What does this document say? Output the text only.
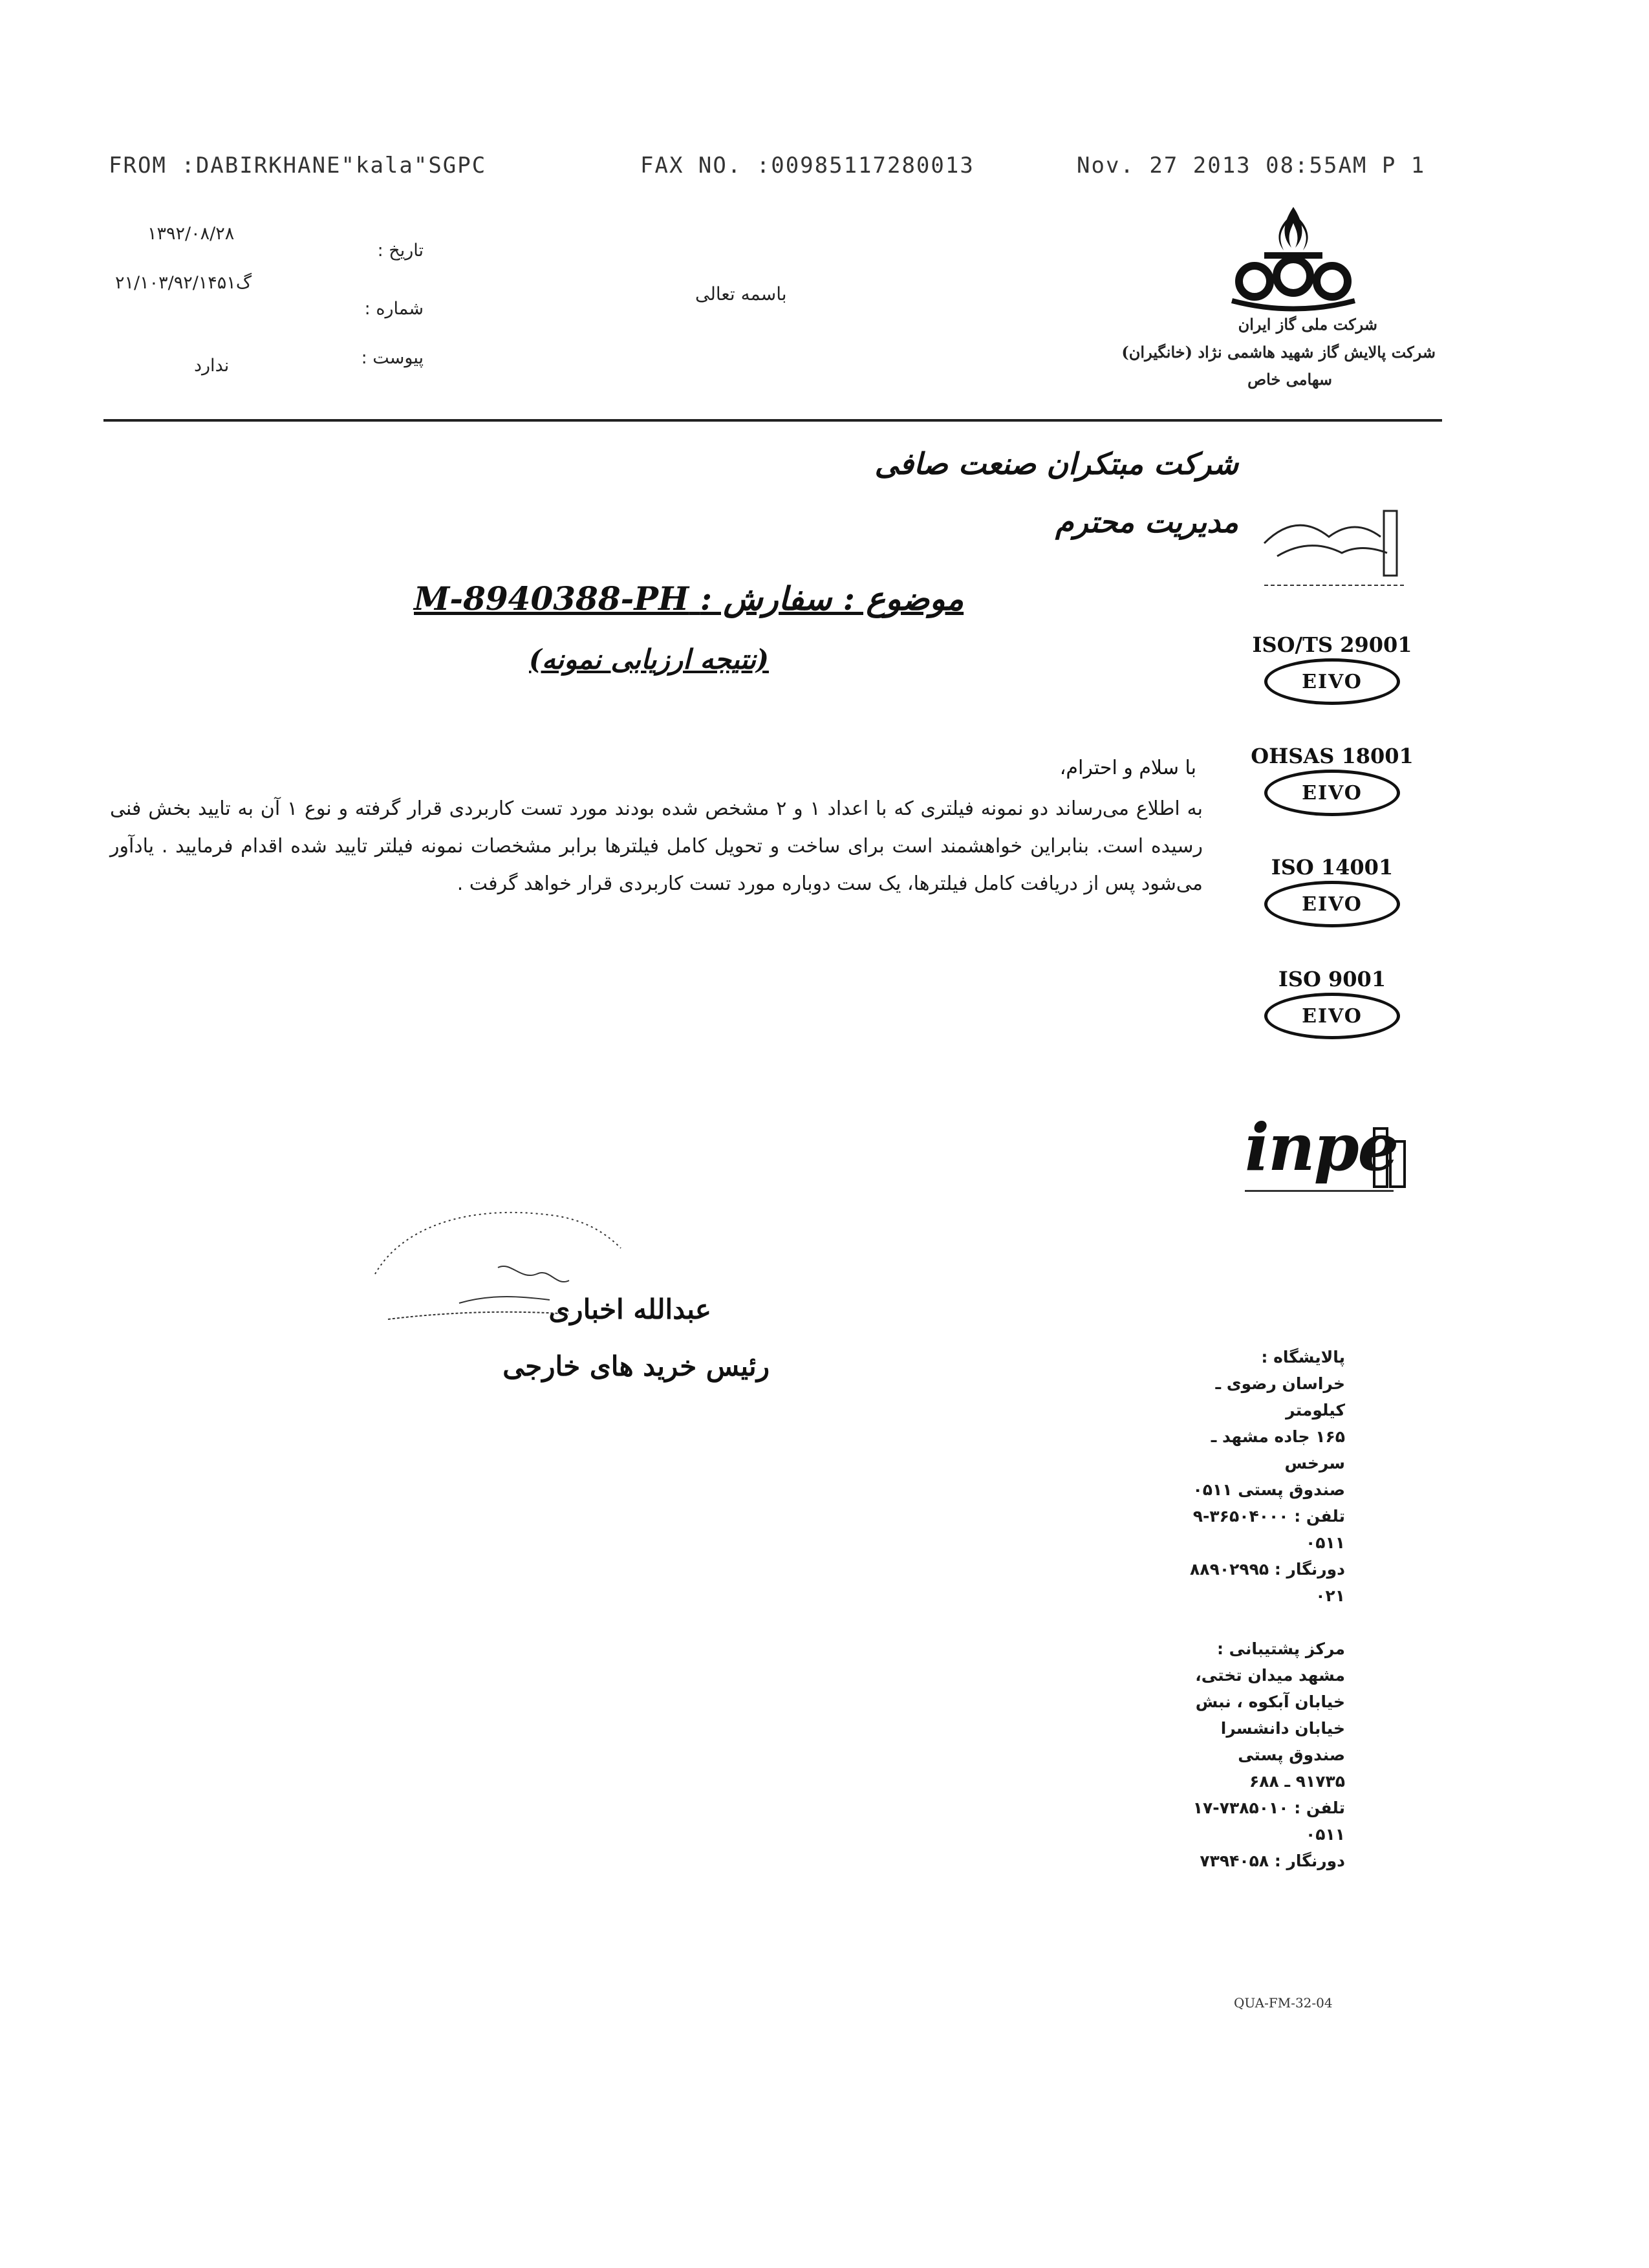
FROM :DABIRKHANE"kala"SGPC	FAX NO. :00985117280013	Nov. 27 2013 08:55AM P 1
تاریخ :
۱۳۹۲/۰۸/۲۸
شماره :
گ۲۱/۱۰۳/۹۲/۱۴۵۱
پیوست :
ندارد
باسمه تعالی
شرکت ملی گاز ایران
شرکت پالایش گاز شهید هاشمی نژاد (خانگیران)
سهامی خاص
شرکت مبتکران صنعت صافی
مدیریت محترم
موضوع : سفارش : M-8940388-PH
(نتیجه ارزیابی نمونه)
با سلام و احترام،
به اطلاع می‌رساند دو نمونه فیلتری که با اعداد ۱ و ۲ مشخص شده بودند مورد تست کاربردی قرار گرفته و نوع ۱ آن به تایید بخش فنی رسیده است. بنابراین خواهشمند است برای ساخت و تحویل کامل فیلترها برابر مشخصات نمونه فیلتر تایید شده اقدام فرمایید . یادآور می‌شود پس از دریافت کامل فیلترها، یک ست دوباره مورد تست کاربردی قرار خواهد گرفت .
ISO/TS 29001
EIVO
OHSAS 18001
EIVO
ISO 14001
EIVO
ISO 9001
EIVO
inpe
عبدالله اخباری
رئیس خرید های خارجی	پالایشگاه :
خراسان رضوی ـ
کیلومتر
۱۶۵ جاده مشهد ـ
سرخس
صندوق پستی ۰۵۱۱
تلفن : ۳۶۵۰۴۰۰۰-۹
۰۵۱۱
دورنگار : ۸۸۹۰۲۹۹۵
۰۲۱
مرکز پشتیبانی :
مشهد میدان تختی،
خیابان آبکوه ، نبش
خیابان دانشسرا
صندوق پستی
۹۱۷۳۵ ـ ۶۸۸
تلفن : ۷۳۸۵۰۱۰-۱۷
۰۵۱۱
دورنگار : ۷۳۹۴۰۵۸
QUA-FM-32-04
